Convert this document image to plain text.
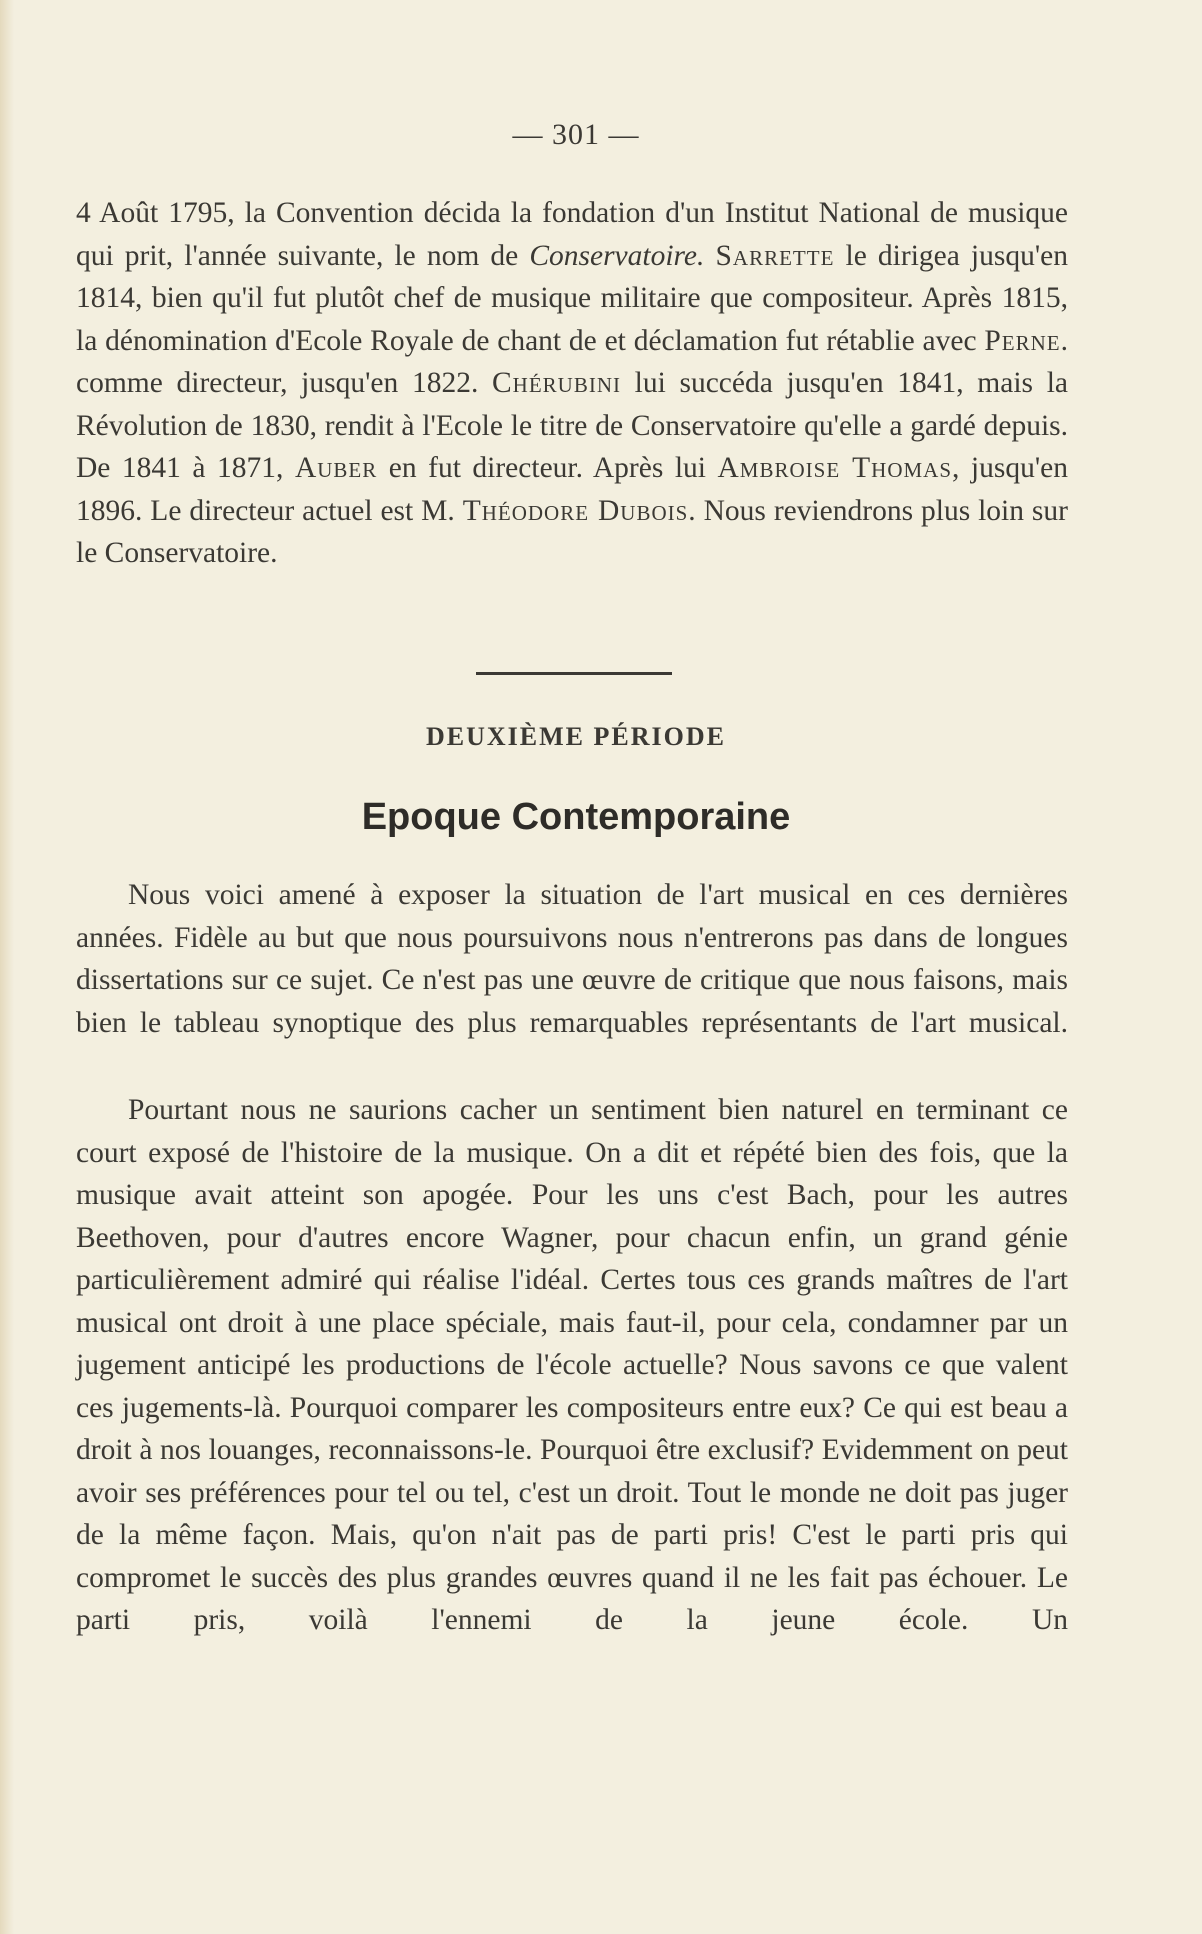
— 301 —

4 Août 1795, la Convention décida la fondation d'un Institut National de musique qui prit, l'année suivante, le nom de Conservatoire. Sarrette le dirigea jusqu'en 1814, bien qu'il fut plutôt chef de musique militaire que compositeur. Après 1815, la dénomination d'Ecole Royale de chant de et déclamation fut rétablie avec Perne. comme directeur, jusqu'en 1822. Chérubini lui succéda jusqu'en 1841, mais la Révolution de 1830, rendit à l'Ecole le titre de Conservatoire qu'elle a gardé depuis. De 1841 à 1871, Auber en fut directeur. Après lui Ambroise Thomas, jusqu'en 1896. Le directeur actuel est M. Théodore Dubois. Nous reviendrons plus loin sur le Conservatoire.

DEUXIÈME PÉRIODE
Epoque Contemporaine

Nous voici amené à exposer la situation de l'art musical en ces dernières années. Fidèle au but que nous poursuivons nous n'entrerons pas dans de longues dissertations sur ce sujet. Ce n'est pas une œuvre de critique que nous faisons, mais bien le tableau synoptique des plus remarquables représentants de l'art musical.

Pourtant nous ne saurions cacher un sentiment bien naturel en terminant ce court exposé de l'histoire de la musique. On a dit et répété bien des fois, que la musique avait atteint son apogée. Pour les uns c'est Bach, pour les autres Beethoven, pour d'autres encore Wagner, pour chacun enfin, un grand génie particulièrement admiré qui réalise l'idéal. Certes tous ces grands maîtres de l'art musical ont droit à une place spéciale, mais faut-il, pour cela, condamner par un jugement anticipé les productions de l'école actuelle? Nous savons ce que valent ces jugements-là. Pourquoi comparer les compositeurs entre eux? Ce qui est beau a droit à nos louanges, reconnaissons-le. Pourquoi être exclusif? Evidemment on peut avoir ses préférences pour tel ou tel, c'est un droit. Tout le monde ne doit pas juger de la même façon. Mais, qu'on n'ait pas de parti pris! C'est le parti pris qui compromet le succès des plus grandes œuvres quand il ne les fait pas échouer. Le parti pris, voilà l'ennemi de la jeune école. Un
